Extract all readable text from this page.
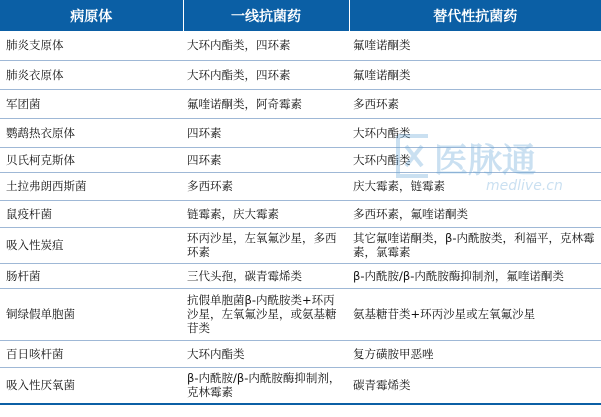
病原体	一线抗菌药	替代性抗菌药
肺炎支原体	大环内酯类，四环素	氟喹诺酮类
肺炎衣原体	大环内酯类，四环素	氟喹诺酮类
军团菌	氟喹诺酮类，阿奇霉素	多西环素
鹦鹉热衣原体	四环素	大环内酯类
贝氏柯克斯体	四环素	大环内酯类
土拉弗朗西斯菌	多西环素	庆大霉素，链霉素
鼠疫杆菌	链霉素，庆大霉素	多西环素，氟喹诺酮类
吸入性炭疽	环丙沙星，左氧氟沙星，多西环素	其它氟喹诺酮类，β-内酰胺类，利福平，克林霉素，氯霉素
肠杆菌	三代头孢，碳青霉烯类	β-内酰胺/β-内酰胺酶抑制剂，氟喹诺酮类
铜绿假单胞菌	抗假单胞菌β-内酰胺类+环丙沙星，左氧氟沙星，或氨基糖苷类	氨基糖苷类+环丙沙星或左氧氟沙星
百日咳杆菌	大环内酯类	复方磺胺甲恶唑
吸入性厌氧菌	β-内酰胺/β-内酰胺酶抑制剂，克林霉素	碳青霉烯类
医脉通
medlive.cn
